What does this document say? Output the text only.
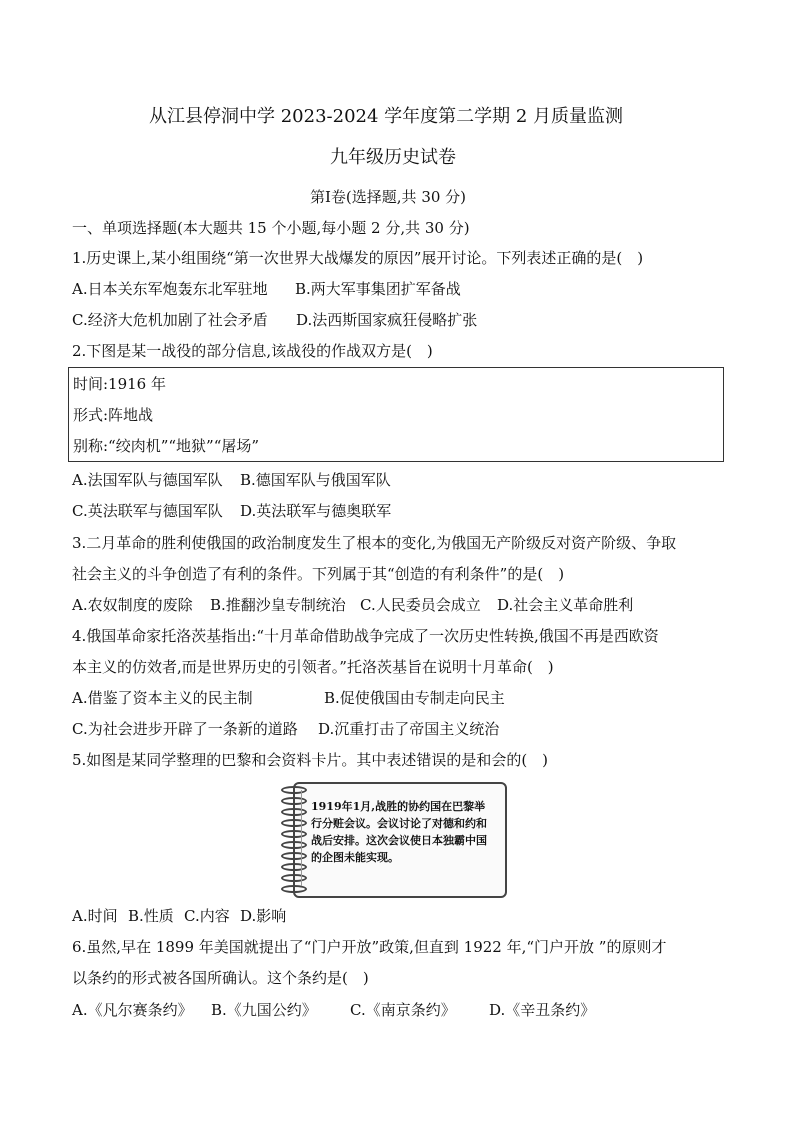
从江县停洞中学 2023-2024 学年度第二学期 2 月质量监测
九年级历史试卷
第Ⅰ卷(选择题,共 30 分)
一、单项选择题(本大题共 15 个小题,每小题 2 分,共 30 分)
1.历史课上,某小组围绕“第一次世界大战爆发的原因”展开讨论。下列表述正确的是(　)
A.日本关东军炮轰东北军驻地 B.两大军事集团扩军备战
C.经济大危机加剧了社会矛盾 D.法西斯国家疯狂侵略扩张
2.下图是某一战役的部分信息,该战役的作战双方是(　)
时间:1916 年
形式:阵地战
别称:“绞肉机”“地狱”“屠场”
A.法国军队与德国军队 B.德国军队与俄国军队
C.英法联军与德国军队 D.英法联军与德奥联军
3.二月革命的胜利使俄国的政治制度发生了根本的变化,为俄国无产阶级反对资产阶级、争取
社会主义的斗争创造了有利的条件。下列属于其“创造的有利条件”的是(　)
A.农奴制度的废除 B.推翻沙皇专制统治 C.人民委员会成立 D.社会主义革命胜利
4.俄国革命家托洛茨基指出:“十月革命借助战争完成了一次历史性转换,俄国不再是西欧资
本主义的仿效者,而是世界历史的引领者。”托洛茨基旨在说明十月革命(　)
A.借鉴了资本主义的民主制	B.促使俄国由专制走向民主
C.为社会进步开辟了一条新的道路 D.沉重打击了帝国主义统治
5.如图是某同学整理的巴黎和会资料卡片。其中表述错误的是和会的(　)
1919年1月,战胜的协约国在巴黎举行分赃会议。会议讨论了对德和约和战后安排。这次会议使日本独霸中国的企图未能实现。
A.时间 B.性质 C.内容 D.影响
6.虽然,早在 1899 年美国就提出了“门户开放”政策,但直到 1922 年,“门户开放 ”的原则才
以条约的形式被各国所确认。这个条约是(　)
A.《凡尔赛条约》 B.《九国公约》 C.《南京条约》 D.《辛丑条约》
